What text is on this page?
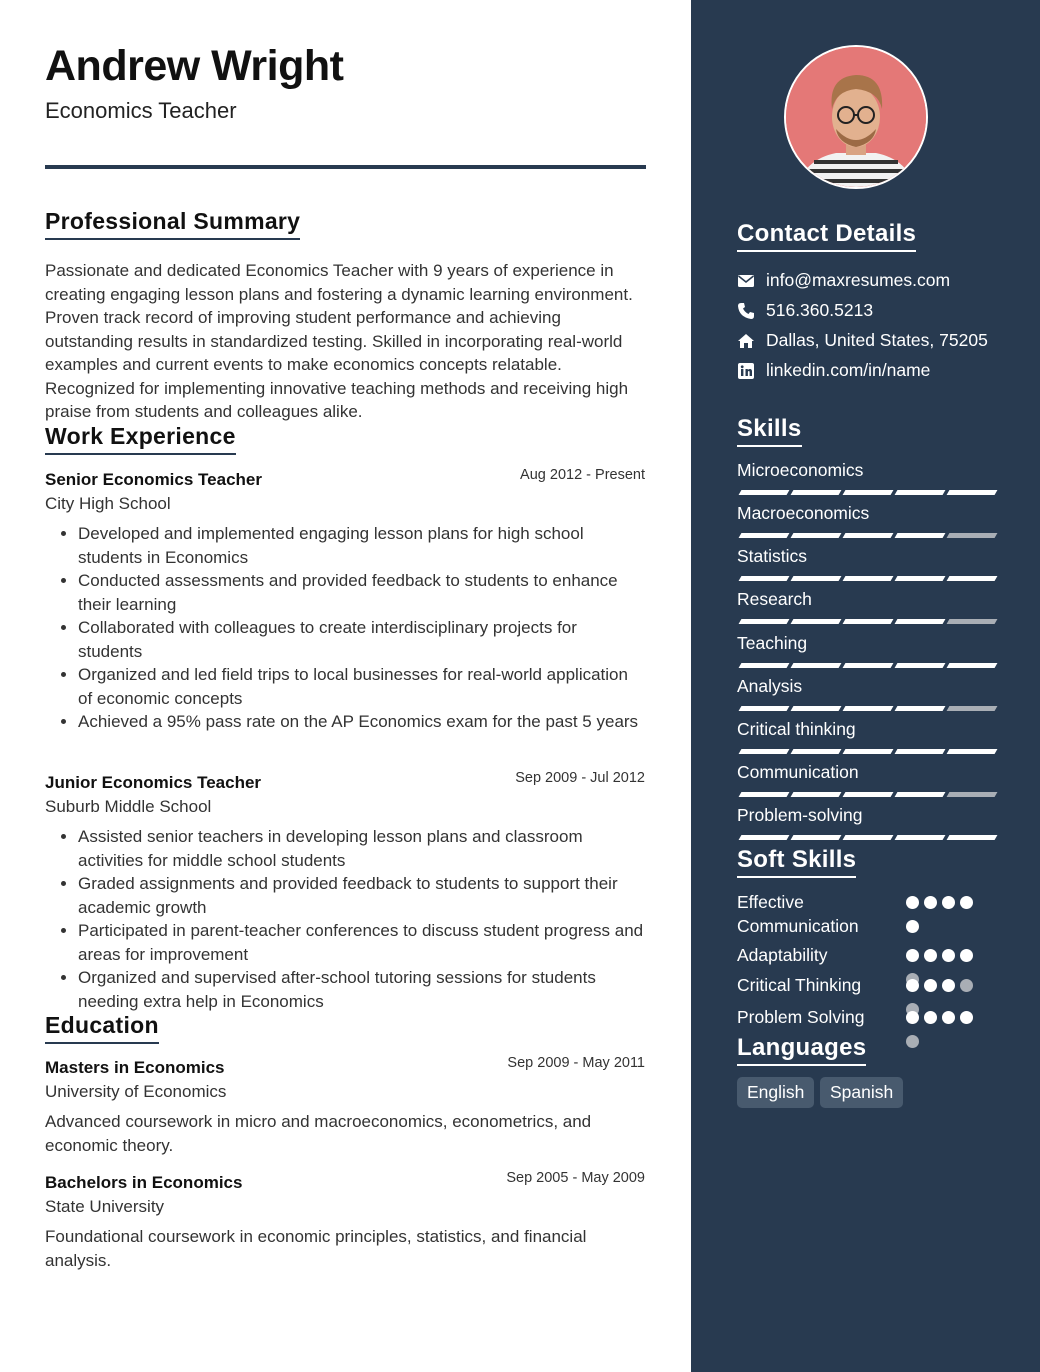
Andrew Wright
Economics Teacher
Professional Summary

Passionate and dedicated Economics Teacher with 9 years of experience in creating engaging lesson plans and fostering a dynamic learning environment. Proven track record of improving student performance and achieving outstanding results in standardized testing. Skilled in incorporating real-world examples and current events to make economics concepts relatable. Recognized for implementing innovative teaching methods and receiving high praise from students and colleagues alike.

Work Experience
Senior Economics Teacher	Aug 2012 - Present
City High School
• Developed and implemented engaging lesson plans for high school students in Economics
• Conducted assessments and provided feedback to students to enhance their learning
• Collaborated with colleagues to create interdisciplinary projects for students
• Organized and led field trips to local businesses for real-world application of economic concepts
• Achieved a 95% pass rate on the AP Economics exam for the past 5 years
Junior Economics Teacher	Sep 2009 - Jul 2012
Suburb Middle School
• Assisted senior teachers in developing lesson plans and classroom activities for middle school students
• Graded assignments and provided feedback to students to support their academic growth
• Participated in parent-teacher conferences to discuss student progress and areas for improvement
• Organized and supervised after-school tutoring sessions for students needing extra help in Economics
Education
Masters in Economics	Sep 2009 - May 2011
University of Economics
Advanced coursework in micro and macroeconomics, econometrics, and economic theory.
Bachelors in Economics	Sep 2005 - May 2009
State University
Foundational coursework in economic principles, statistics, and financial analysis.
Contact Details
info@maxresumes.com
516.360.5213
Dallas, United States, 75205
linkedin.com/in/name
Skills
Microeconomics
Macroeconomics
Statistics
Research
Teaching
Analysis
Critical thinking
Communication
Problem-solving
Soft Skills
Effective Communication
Adaptability
Critical Thinking
Problem Solving
Languages
English	Spanish
